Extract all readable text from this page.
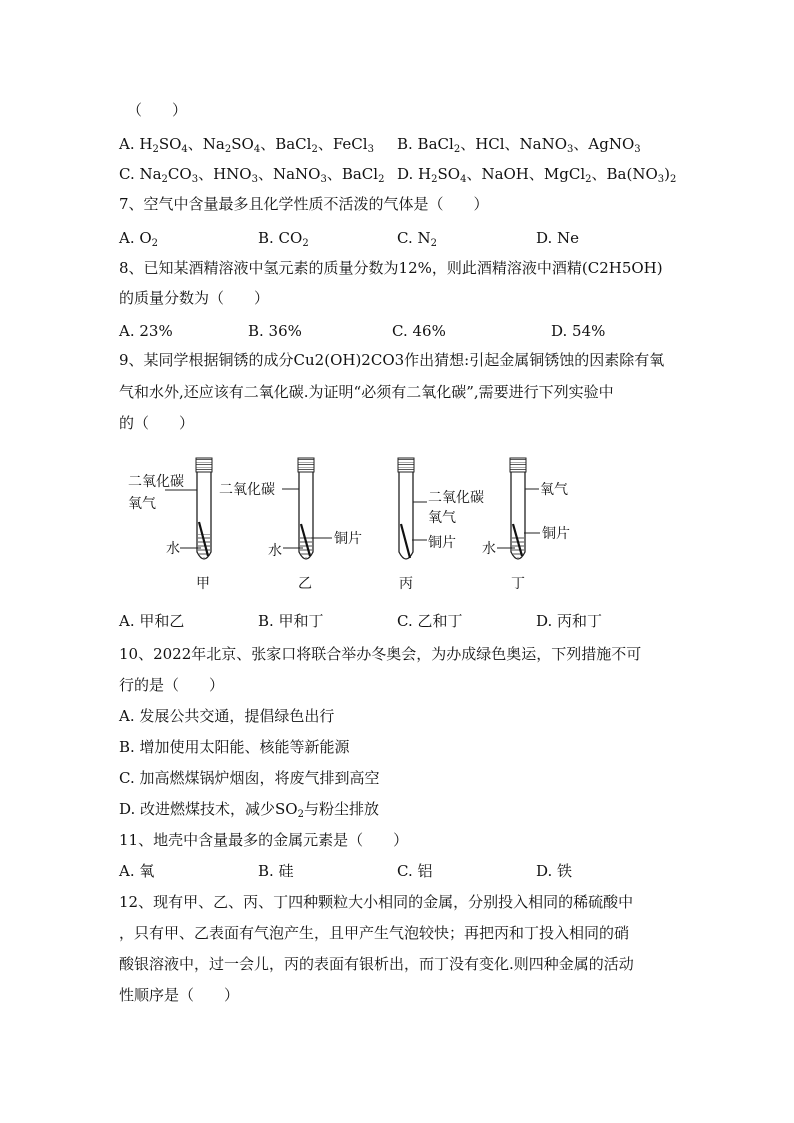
（　　）
A. $H_2SO_4$、$Na_2SO_4$、BaCl$_2$、FeCl$_3$ B. BaCl$_2$、HCl、NaNO$_3$、AgNO$_3$
C. $Na_2CO_3$、$HNO_3$、NaNO$_3$、BaCl$_2$ D. $H_2SO_4$、NaOH、MgCl$_2$、$Ba(NO_3)_2$
7、空气中含量最多且化学性质不活泼的气体是（　　）
A. $O_2$	B. $CO_2$	C. $N_2$	D. Ne
8、已知某酒精溶液中氢元素的质量分数为12%，则此酒精溶液中酒精(C2H5OH)
的质量分数为（　　）
A. 23%	B. 36%	C. 46%	D. 54%
9、某同学根据铜锈的成分Cu2(OH)2CO3作出猜想:引起金属铜锈蚀的因素除有氧
气和水外,还应该有二氧化碳.为证明“必须有二氧化碳”,需要进行下列实验中
的（　　）
二氧化碳
氧气
水
甲
二氧化碳
铜片
水
乙
二氧化碳
氧气
铜片
丙
氧气
铜片
水
丁
A. 甲和乙	B. 甲和丁	C. 乙和丁	D. 丙和丁
10、2022年北京、张家口将联合举办冬奥会，为办成绿色奥运，下列措施不可
行的是（　　）
A. 发展公共交通，提倡绿色出行
B. 增加使用太阳能、核能等新能源
C. 加高燃煤锅炉烟囱，将废气排到高空
D. 改进燃煤技术，减少$SO_2$与粉尘排放
11、地壳中含量最多的金属元素是（　　）
A. 氧	B. 硅	C. 铝	D. 铁
12、现有甲、乙、丙、丁四种颗粒大小相同的金属，分别投入相同的稀硫酸中
，只有甲、乙表面有气泡产生，且甲产生气泡较快；再把丙和丁投入相同的硝
酸银溶液中，过一会儿，丙的表面有银析出，而丁没有变化.则四种金属的活动
性顺序是（　　）
